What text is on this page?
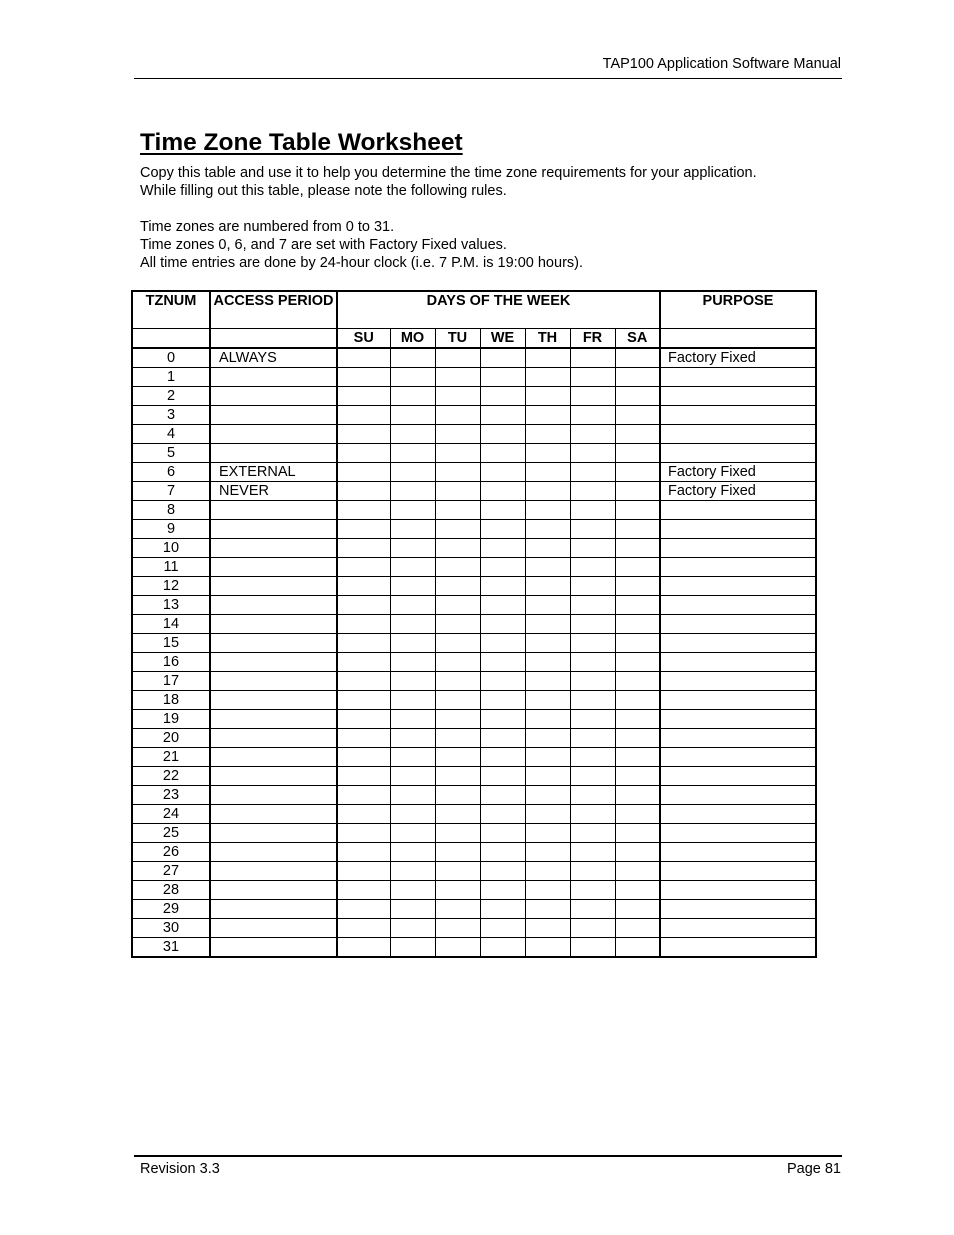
TAP100 Application Software Manual
Time Zone Table Worksheet

Copy this table and use it to help you determine the time zone requirements for your application.

While filling out this table, please note the following rules.

Time zones are numbered from 0 to 31.

Time zones 0, 6, and 7 are set with Factory Fixed values.

All time entries are done by 24-hour clock (i.e. 7 P.M. is 19:00 hours).

TZNUM	ACCESS PERIOD	DAYS OF THE WEEK							PURPOSE
		SU	MO	TU	WE	TH	FR	SA	
0	ALWAYS								Factory Fixed
1									
2									
3									
4									
5									
6	EXTERNAL								Factory Fixed
7	NEVER								Factory Fixed
8									
9									
10									
11									
12									
13									
14									
15									
16									
17									
18									
19									
20									
21									
22									
23									
24									
25									
26									
27									
28									
29									
30									
31									
Revision 3.3	Page 81
